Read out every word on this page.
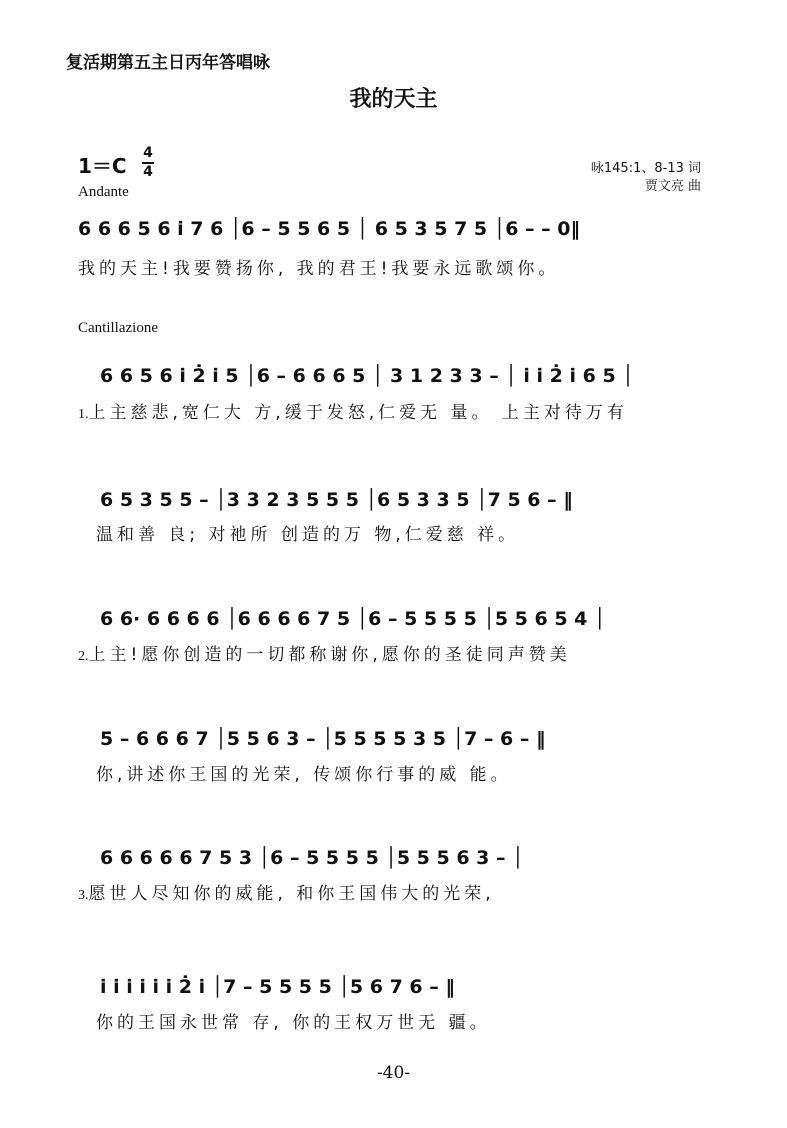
复活期第五主日丙年答唱咏
我的天主
1＝C
4
4
Andante
咏145:1、8-13 词
贾文亮 曲
Cantillazione
6 6 6 5 6 i̇ 7 6 │6 – 5 5 6 5 │ 6 5 3 5 7 5 │6 – – 0‖
我的天主!我要赞扬你, 我的君王!我要永远歌颂你。
6 6 5 6 i̇ 2̇ i̇ 5 │6 – 6 6 6 5 │ 3 1 2 3 3 – │ i̇ i̇ 2̇ i̇ 6 5 │
1.上主慈悲,宽仁大 方,缓于发怒,仁爱无 量。 上主对待万有
6 5 3 5 5 – │3 3 2 3 5 5 5 │6 5 3 3 5 │7 5 6 – ‖
温和善 良; 对祂所 创造的万 物,仁爱慈 祥。
6 6· 6 6 6 6 │6 6 6 6 7 5 │6 – 5 5 5 5 │5 5 6 5 4 │
2.上主!愿你创造的一切都称谢你,愿你的圣徒同声赞美
5 – 6 6 6 7 │5 5 6 3 – │5 5 5 5 3 5 │7 – 6 – ‖
你,讲述你王国的光荣, 传颂你行事的威 能。
6 6 6 6 6 7 5 3 │6 – 5 5 5 5 │5 5 5 6 3 – │
3.愿世人尽知你的威能, 和你王国伟大的光荣,
i̇ i̇ i̇ i̇ i̇ i̇ 2̇ i̇ │7 – 5 5 5 5 │5 6 7 6 – ‖
你的王国永世常 存, 你的王权万世无 疆。
-40-
